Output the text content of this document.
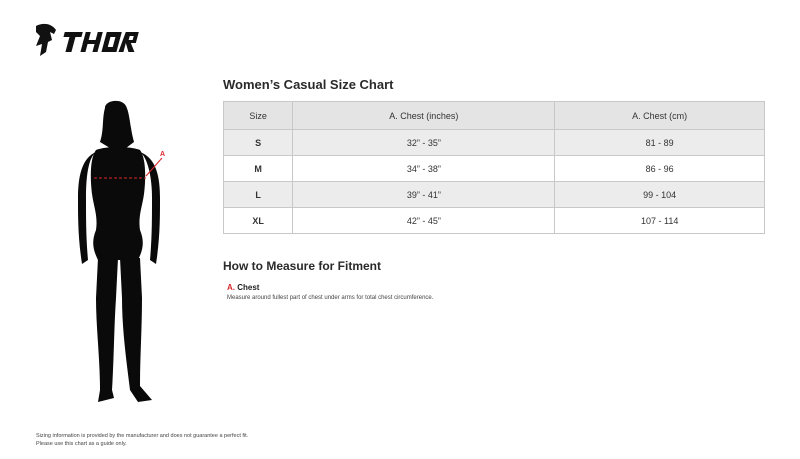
A
Women’s Casual Size Chart
Size	A. Chest (inches)	A. Chest (cm)
S	32” - 35”	81 - 89
M	34” - 38”	86 - 96
L	39” - 41”	99 - 104
XL	42” - 45”	107 - 114
How to Measure for Fitment
A. Chest
Measure around fullest part of chest under arms for total chest circumference.
Sizing information is provided by the manufacturer and does not guarantee a perfect fit.
Please use this chart as a guide only.
